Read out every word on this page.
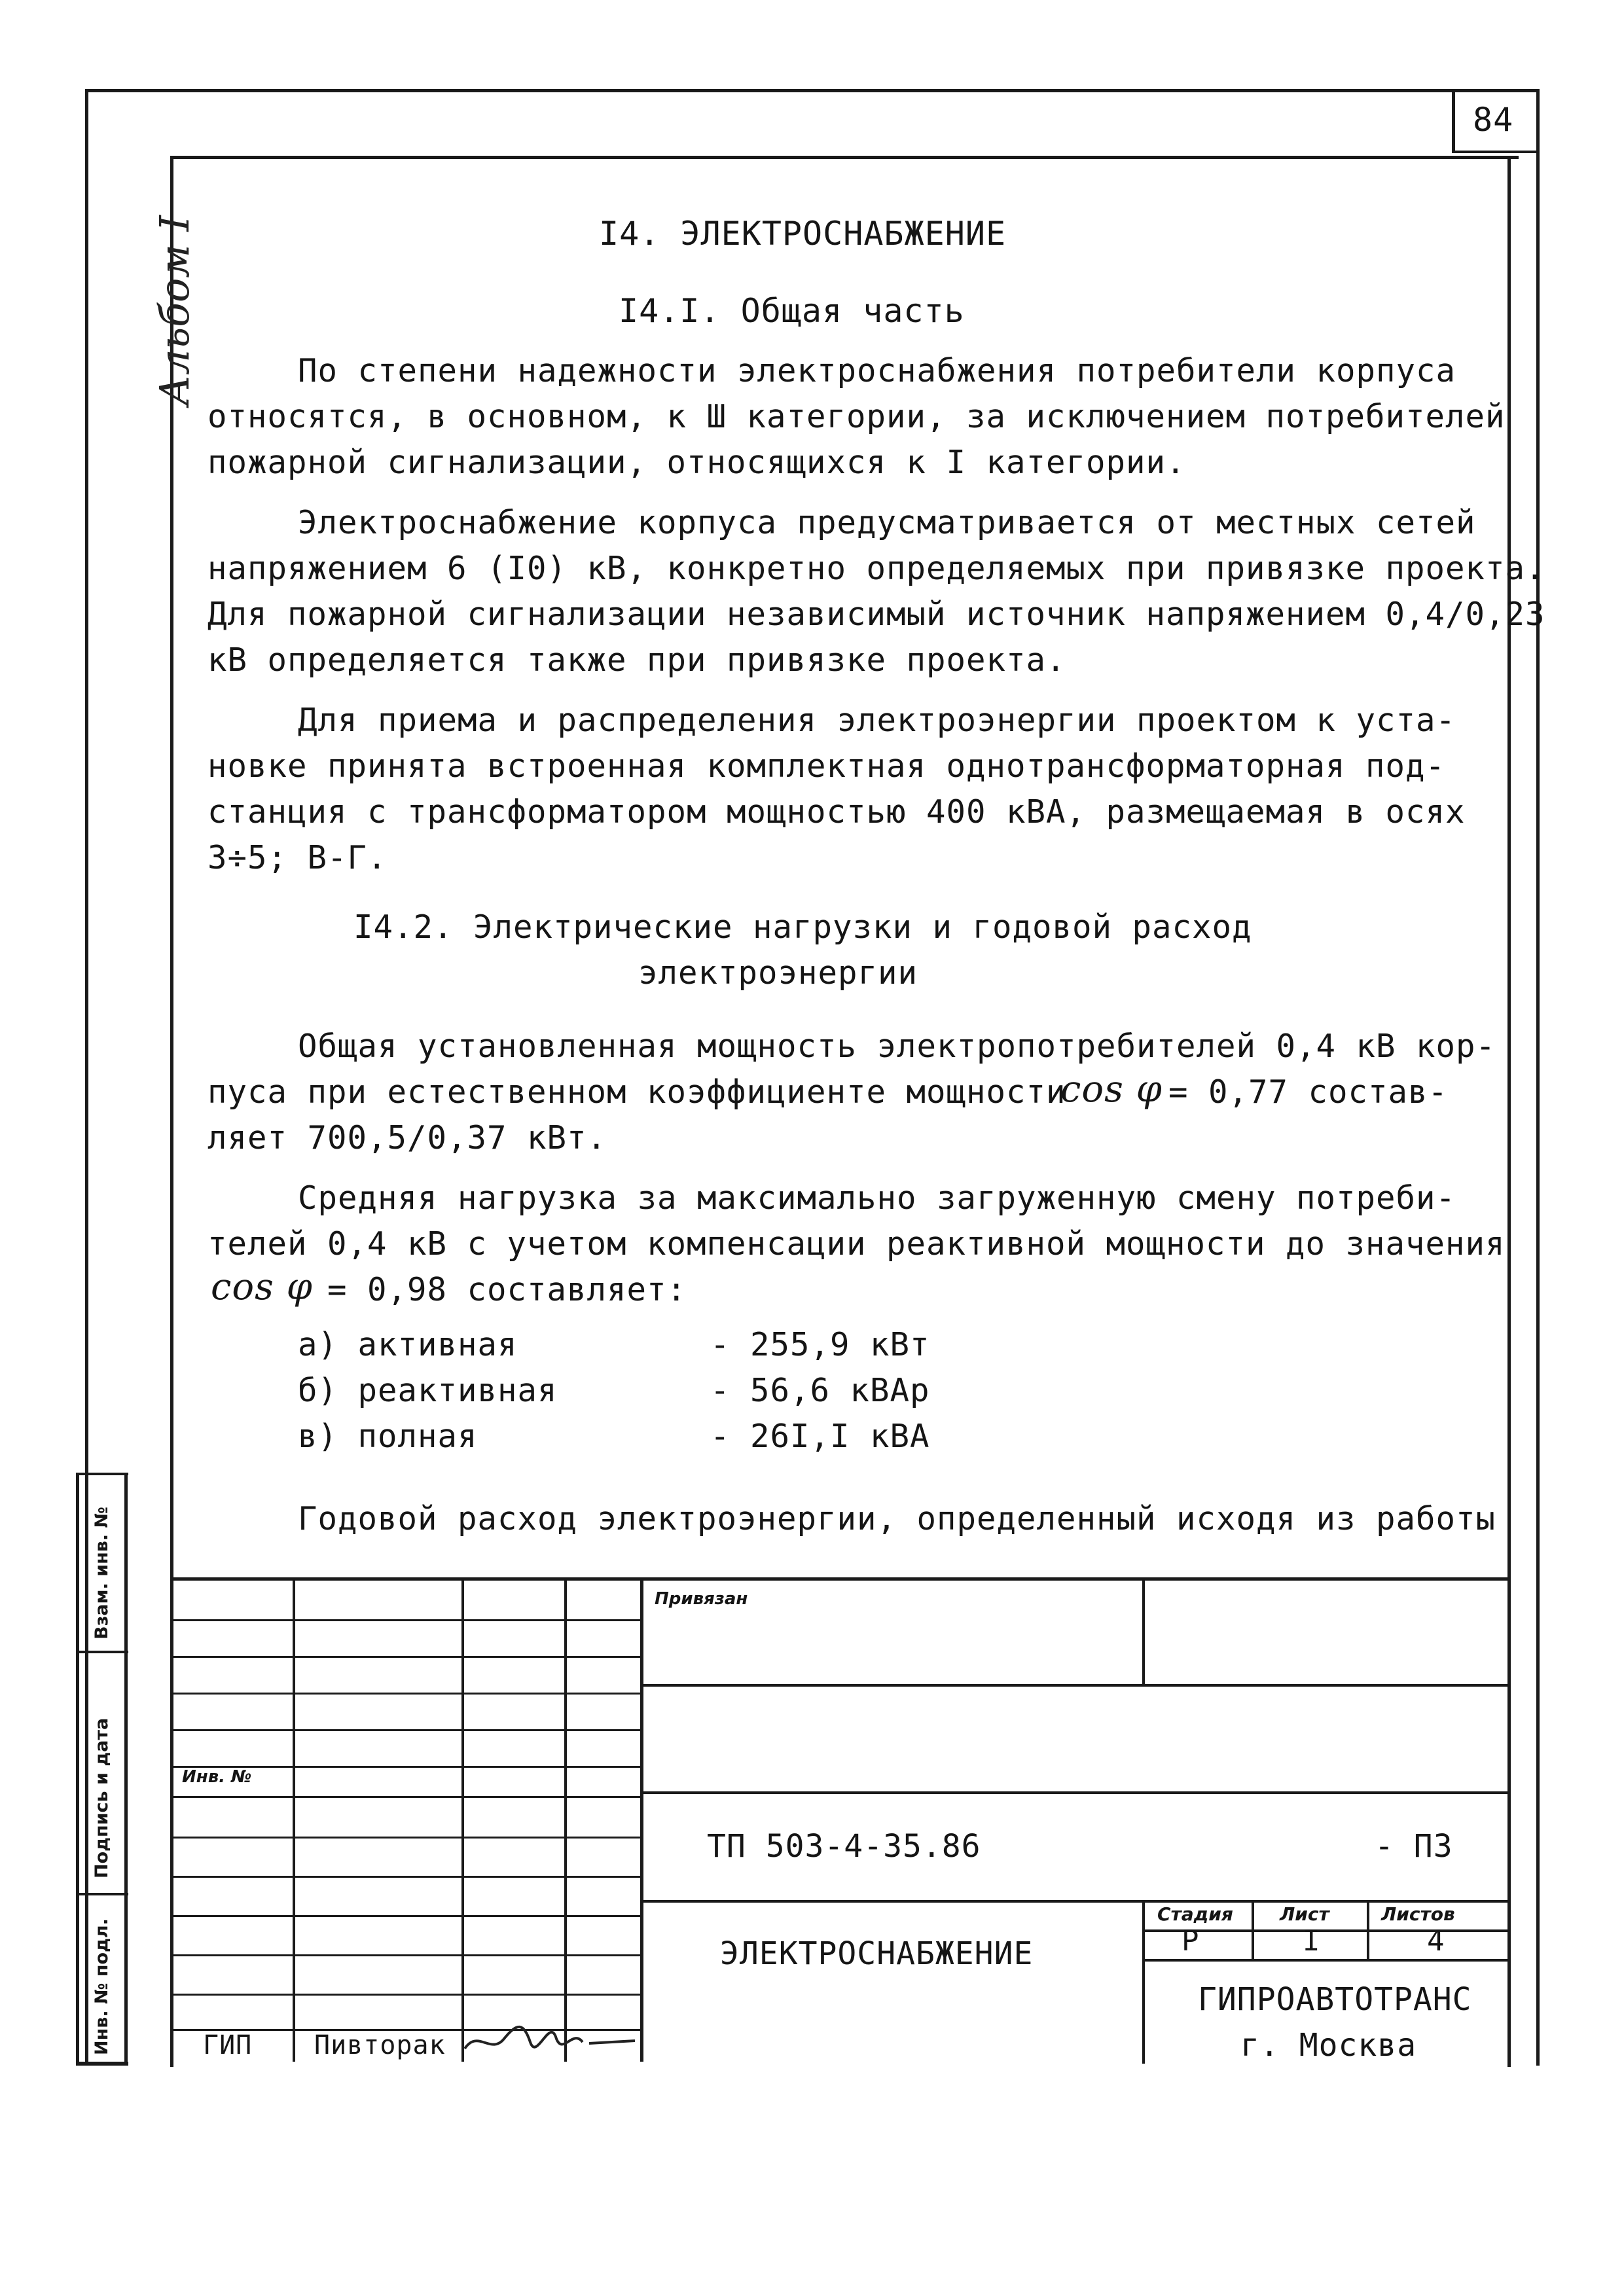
84
Альбом I	I4. ЭЛЕКТРОСНАБЖЕНИЕ
I4.I. Общая часть
По степени надежности электроснабжения потребители корпуса
относятся, в основном, к Ш категории, за исключением потребителей
пожарной сигнализации, относящихся к I категории.
Электроснабжение корпуса предусматривается от местных сетей
напряжением 6 (I0) кВ, конкретно определяемых при привязке проекта.
Для пожарной сигнализации независимый источник напряжением 0,4/0,23
кВ определяется также при привязке проекта.
Для приема и распределения электроэнергии проектом к уста-
новке принята встроенная комплектная однотрансформаторная под-
станция с трансформатором мощностью 400 кВА, размещаемая в осях
3÷5; В-Г.
I4.2. Электрические нагрузки и годовой расход
электроэнергии
Общая установленная мощность электропотребителей 0,4 кВ кор-
пуса при естественном коэффициенте мощности
cos φ = 0,77 состав-
ляет 700,5/0,37 кВт.
Средняя нагрузка за максимально загруженную смену потреби-
телей 0,4 кВ с учетом компенсации реактивной мощности до значения
cos φ = 0,98 составляет:
а) активная	- 255,9 кВт
б) реактивная	- 56,6 кВАр
в) полная	- 26I,I кВА
Годовой расход электроэнергии, определенный исходя из работы
Привязан
Инв. №
ТП 503-4-35.86	- ПЗ
ЭЛЕКТРОСНАБЖЕНИЕ
Стадия	Лист	Листов
Р	I	4
ГИПРОАВТОТРАНС
г. Москва
ГИП Пивторак
Взам. инв. №
Подпись и дата
Инв. № подл.
